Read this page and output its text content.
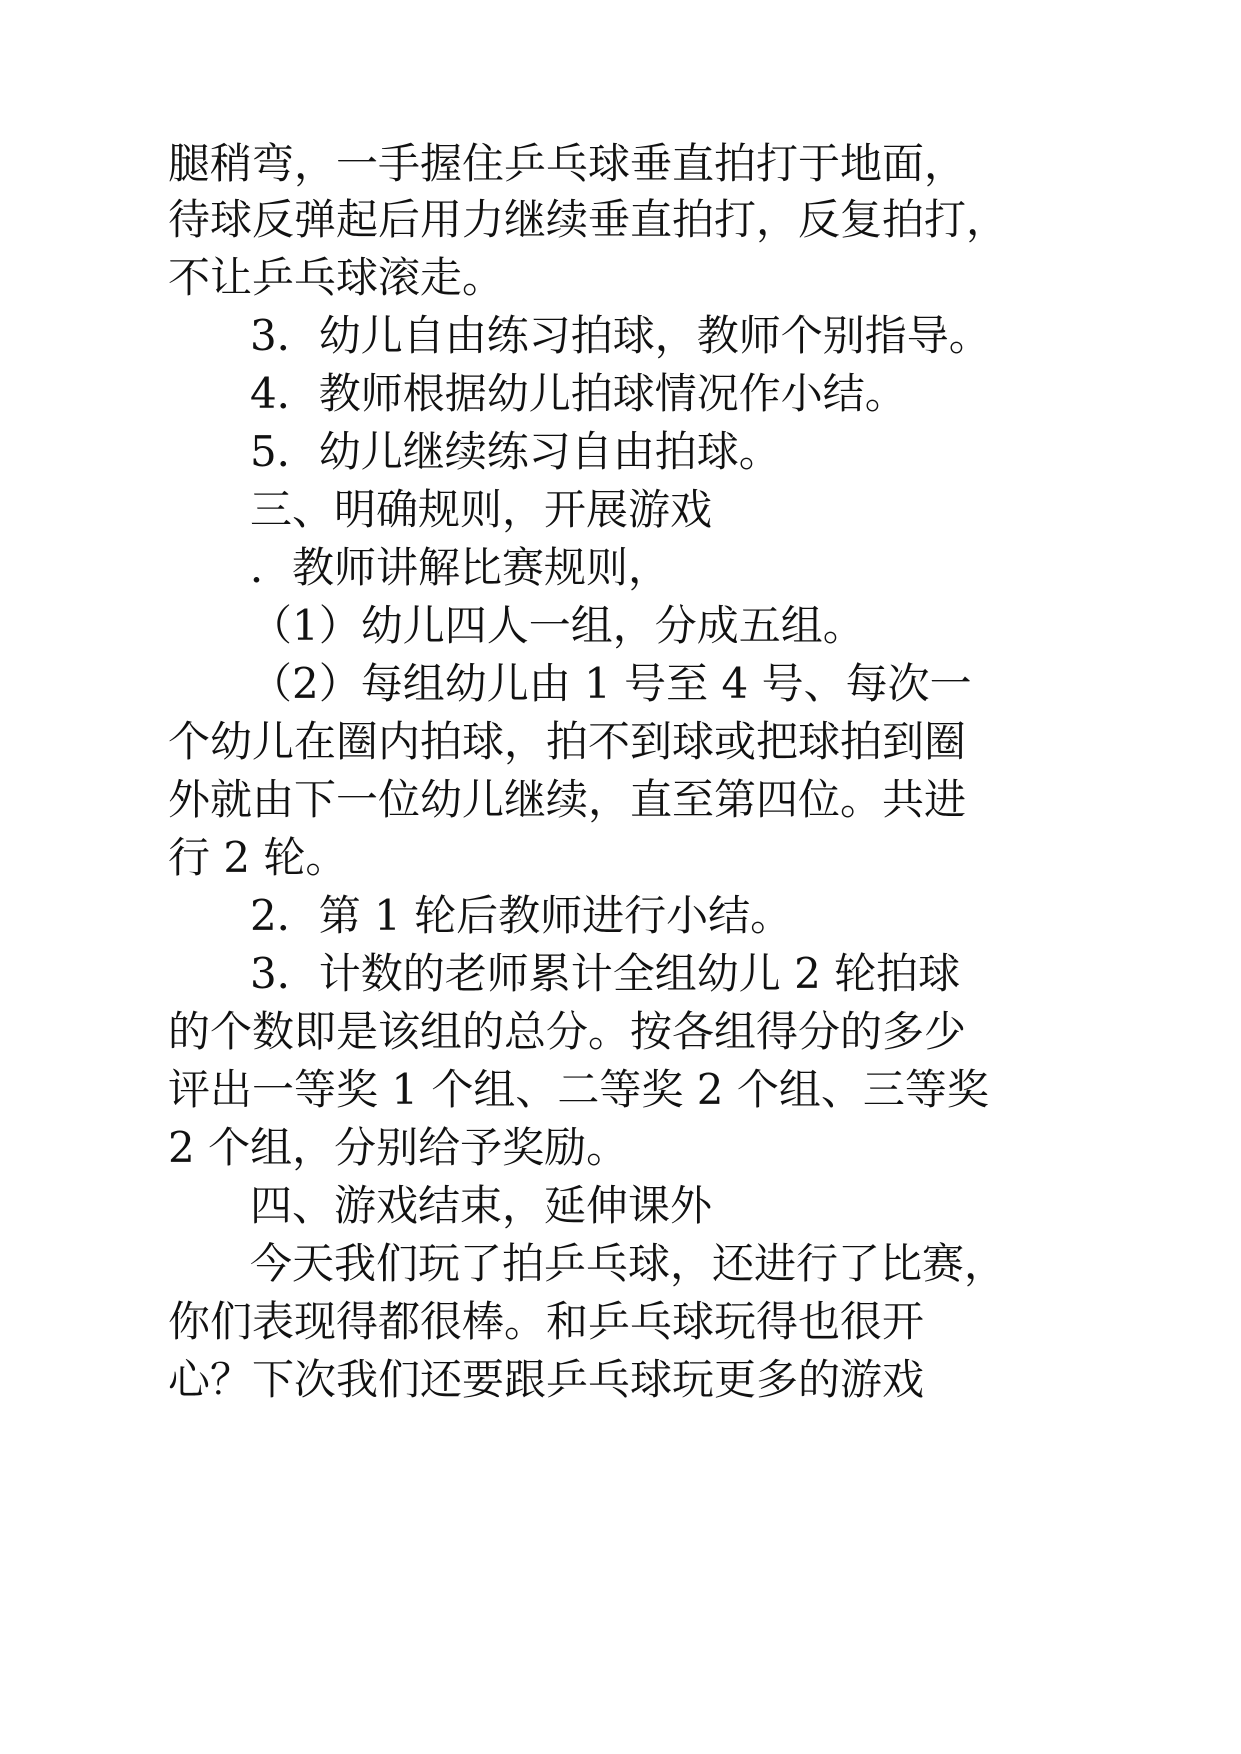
腿稍弯，一手握住乒乓球垂直拍打于地面，
待球反弹起后用力继续垂直拍打，反复拍打，
不让乒乓球滚走。
3．幼儿自由练习拍球，教师个别指导。
4．教师根据幼儿拍球情况作小结。
5．幼儿继续练习自由拍球。
三、明确规则，开展游戏
．教师讲解比赛规则，
（1）幼儿四人一组，分成五组。
（2）每组幼儿由 1 号至 4 号、每次一
个幼儿在圈内拍球，拍不到球或把球拍到圈
外就由下一位幼儿继续，直至第四位。共进
行 2 轮。
2．第 1 轮后教师进行小结。
3．计数的老师累计全组幼儿 2 轮拍球
的个数即是该组的总分。按各组得分的多少
评出一等奖 1 个组、二等奖 2 个组、三等奖
2 个组，分别给予奖励。
四、游戏结束，延伸课外
今天我们玩了拍乒乓球，还进行了比赛，
你们表现得都很棒。和乒乓球玩得也很开
心？下次我们还要跟乒乓球玩更多的游戏
